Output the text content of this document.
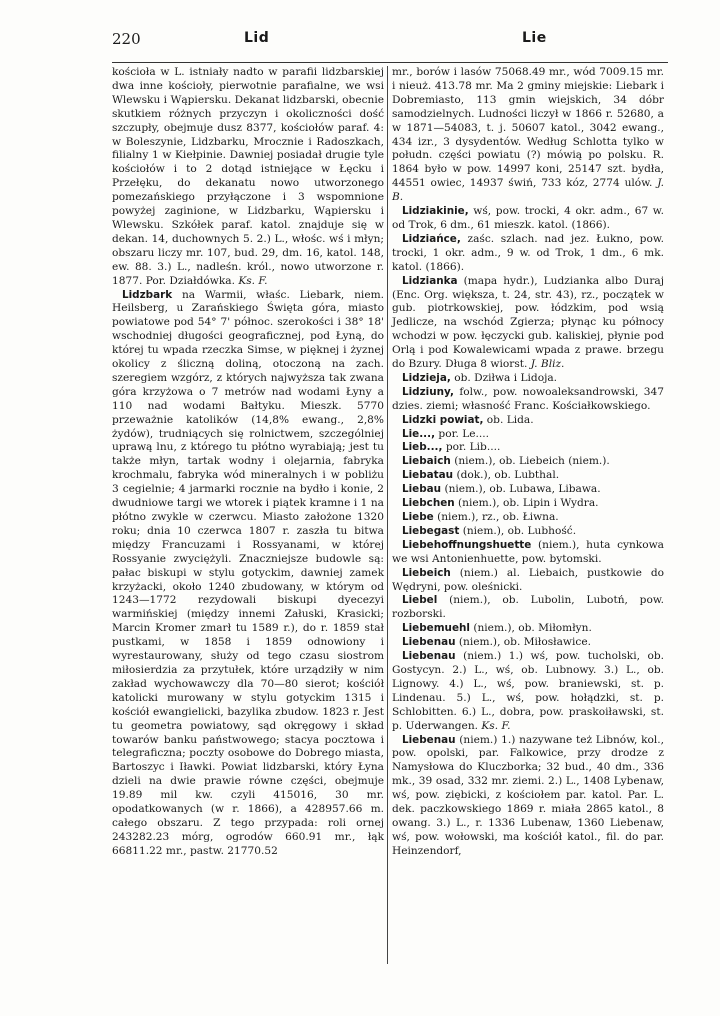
220	Lid	Lie

kościoła w L. istniały nadto w parafii lidzbarskiej dwa inne kościoły, pierwotnie parafialne, we wsi Wlewsku i Wąpiersku. Dekanat lidzbarski, obecnie skutkiem różnych przyczyn i okoliczności dość szczupły, obejmuje dusz 8377, kościołów paraf. 4: w Boleszynie, Lidzbarku, Mrocznie i Radoszkach, filialny 1 w Kiełpinie. Dawniej posiadał drugie tyle kościołów i to 2 dotąd istniejące w Łęcku i Przełęku, do dekanatu nowo utworzonego pomezańskiego przyłączone i 3 wspomnione powyżej zaginione, w Lidzbarku, Wąpiersku i Wlewsku. Szkółek paraf. katol. znajduje się w dekan. 14, duchownych 5. 2.) L., włośc. wś i młyn; obszaru liczy mr. 107, bud. 29, dm. 16, katol. 148, ew. 88. 3.) L., nadleśn. król., nowo utworzone r. 1877. Por. Działdówka. Ks. F.

Lidzbark na Warmii, właśc. Liebark, niem. Heilsberg, u Zarańskiego Święta góra, miasto powiatowe pod 54° 7' północ. szerokości i 38° 18' wschodniej długości geograficznej, pod Łyną, do której tu wpada rzeczka Simse, w pięknej i żyznej okolicy z śliczną doliną, otoczoną na zach. szeregiem wzgórz, z których najwyższa tak zwana góra krzyżowa o 7 metrów nad wodami Łyny a 110 nad wodami Bałtyku. Mieszk. 5770 przeważnie katolików (14,8% ewang., 2,8% żydów), trudniących się rolnictwem, szczególniej uprawą lnu, z którego tu płótno wyrabiają; jest tu także młyn, tartak wodny i olejarnia, fabryka krochmalu, fabryka wód mineralnych i w pobliżu 3 cegielnie; 4 jarmarki rocznie na bydło i konie, 2 dwudniowe targi we wtorek i piątek kramne i 1 na płótno zwykle w czerwcu. Miasto założone 1320 roku; dnia 10 czerwca 1807 r. zaszła tu bitwa między Francuzami i Rossyanami, w której Rossyanie zwyciężyli. Znaczniejsze budowle są: pałac biskupi w stylu gotyckim, dawniej zamek krzyżacki, około 1240 zbudowany, w którym od 1243—1772 rezydowali biskupi dyecezyi warmińskiej (między innemi Załuski, Krasicki; Marcin Kromer zmarł tu 1589 r.), do r. 1859 stał pustkami, w 1858 i 1859 odnowiony i wyrestaurowany, służy od tego czasu siostrom miłosierdzia za przytułek, które urządziły w nim zakład wychowawczy dla 70—80 sierot; kościół katolicki murowany w stylu gotyckim 1315 i kościół ewangielicki, bazylika zbudow. 1823 r. Jest tu geometra powiatowy, sąd okręgowy i skład towarów banku państwowego; stacya pocztowa i telegraficzna; poczty osobowe do Dobrego miasta, Bartoszyc i Iławki. Powiat lidzbarski, który Łyna dzieli na dwie prawie równe części, obejmuje 19.89 mil kw. czyli 415016, 30 mr. opodatkowanych (w r. 1866), a 428957.66 m. całego obszaru. Z tego przypada: roli ornej 243282.23 mórg, ogrodów 660.91 mr., łąk 66811.22 mr., pastw. 21770.52

mr., borów i lasów 75068.49 mr., wód 7009.15 mr. i nieuż. 413.78 mr. Ma 2 gminy miejskie: Liebark i Dobremiasto, 113 gmin wiejskich, 34 dóbr samodzielnych. Ludności liczył w 1866 r. 52680, a w 1871—54083, t. j. 50607 katol., 3042 ewang., 434 izr., 3 dysydentów. Według Schlotta tylko w połudn. części powiatu (?) mówią po polsku. R. 1864 było w pow. 14997 koni, 25147 szt. bydła, 44551 owiec, 14937 świń, 733 kóz, 2774 ulów. J. B.

Lidziakinie, wś, pow. trocki, 4 okr. adm., 67 w. od Trok, 6 dm., 61 mieszk. katol. (1866).

Lidziańce, zaśc. szlach. nad jez. Łukno, pow. trocki, 1 okr. adm., 9 w. od Trok, 1 dm., 6 mk. katol. (1866).

Lidzianka (mapa hydr.), Ludzianka albo Duraj (Enc. Org. większa, t. 24, str. 43), rz., początek w gub. piotrkowskiej, pow. łódzkim, pod wsią Jedlicze, na wschód Zgierza; płynąc ku północy wchodzi w pow. łęczycki gub. kaliskiej, płynie pod Orlą i pod Kowalewicami wpada z prawe. brzegu do Bzury. Długa 8 wiorst. J. Bliz.

Lidzieja, ob. Dziłwa i Lidoja.

Lidziuny, folw., pow. nowoaleksandrowski, 347 dzies. ziemi; własność Franc. Kościałkowskiego.

Lidzki powiat, ob. Lida.

Lie..., por. Le....

Lieb..., por. Lib....

Liebaich (niem.), ob. Liebeich (niem.).

Liebatau (dok.), ob. Lubthal.

Liebau (niem.), ob. Lubawa, Libawa.

Liebchen (niem.), ob. Lipin i Wydra.

Liebe (niem.), rz., ob. Łiwna.

Liebegast (niem.), ob. Lubhość.

Liebehoffnungshuette (niem.), huta cynkowa we wsi Antonienhuette, pow. bytomski.

Liebeich (niem.) al. Liebaich, pustkowie do Wędryni, pow. oleśnicki.

Liebel (niem.), ob. Lubolin, Lubotń, pow. rozborski.

Liebemuehl (niem.), ob. Miłomłyn.

Liebenau (niem.), ob. Miłosławice.

Liebenau (niem.) 1.) wś, pow. tucholski, ob. Gostycyn. 2.) L., wś, ob. Lubnowy. 3.) L., ob. Lignowy. 4.) L., wś, pow. braniewski, st. p. Lindenau. 5.) L., wś, pow. hołądzki, st. p. Schlobitten. 6.) L., dobra, pow. praskoiławski, st. p. Uderwangen. Ks. F.

Liebenau (niem.) 1.) nazywane też Libnów, kol., pow. opolski, par. Falkowice, przy drodze z Namysłowa do Kluczborka; 32 bud., 40 dm., 336 mk., 39 osad, 332 mr. ziemi. 2.) L., 1408 Lybenaw, wś, pow. ziębicki, z kościołem par. katol. Par. L. dek. paczkowskiego 1869 r. miała 2865 katol., 8 owang. 3.) L., r. 1336 Lubenaw, 1360 Liebenaw, wś, pow. wołowski, ma kościół katol., fil. do par. Heinzendorf,
